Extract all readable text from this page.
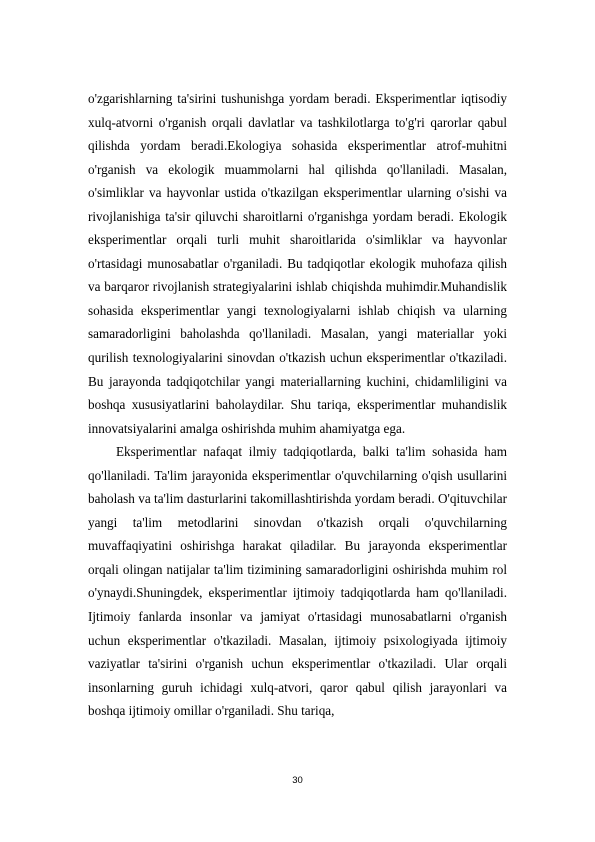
o'zgarishlarning ta'sirini tushunishga yordam beradi. Eksperimentlar iqtisodiy xulq-atvorni o'rganish orqali davlatlar va tashkilotlarga to'g'ri qarorlar qabul qilishda yordam beradi.Ekologiya sohasida eksperimentlar atrof-muhitni o'rganish va ekologik muammolarni hal qilishda qo'llaniladi. Masalan, o'simliklar va hayvonlar ustida o'tkazilgan eksperimentlar ularning o'sishi va rivojlanishiga ta'sir qiluvchi sharoitlarni o'rganishga yordam beradi. Ekologik eksperimentlar orqali turli muhit sharoitlarida o'simliklar va hayvonlar o'rtasidagi munosabatlar o'rganiladi. Bu tadqiqotlar ekologik muhofaza qilish va barqaror rivojlanish strategiyalarini ishlab chiqishda muhimdir.Muhandislik sohasida eksperimentlar yangi texnologiyalarni ishlab chiqish va ularning samaradorligini baholashda qo'llaniladi. Masalan, yangi materiallar yoki qurilish texnologiyalarini sinovdan o'tkazish uchun eksperimentlar o'tkaziladi. Bu jarayonda tadqiqotchilar yangi materiallarning kuchini, chidamliligini va boshqa xususiyatlarini baholaydilar. Shu tariqa, eksperimentlar muhandislik innovatsiyalarini amalga oshirishda muhim ahamiyatga ega.

Eksperimentlar nafaqat ilmiy tadqiqotlarda, balki ta'lim sohasida ham qo'llaniladi. Ta'lim jarayonida eksperimentlar o'quvchilarning o'qish usullarini baholash va ta'lim dasturlarini takomillashtirishda yordam beradi. O'qituvchilar yangi ta'lim metodlarini sinovdan o'tkazish orqali o'quvchilarning muvaffaqiyatini oshirishga harakat qiladilar. Bu jarayonda eksperimentlar orqali olingan natijalar ta'lim tizimining samaradorligini oshirishda muhim rol o'ynaydi.Shuningdek, eksperimentlar ijtimoiy tadqiqotlarda ham qo'llaniladi. Ijtimoiy fanlarda insonlar va jamiyat o'rtasidagi munosabatlarni o'rganish uchun eksperimentlar o'tkaziladi. Masalan, ijtimoiy psixologiyada ijtimoiy vaziyatlar ta'sirini o'rganish uchun eksperimentlar o'tkaziladi. Ular orqali insonlarning guruh ichidagi xulq-atvori, qaror qabul qilish jarayonlari va boshqa ijtimoiy omillar o'rganiladi. Shu tariqa,

30
